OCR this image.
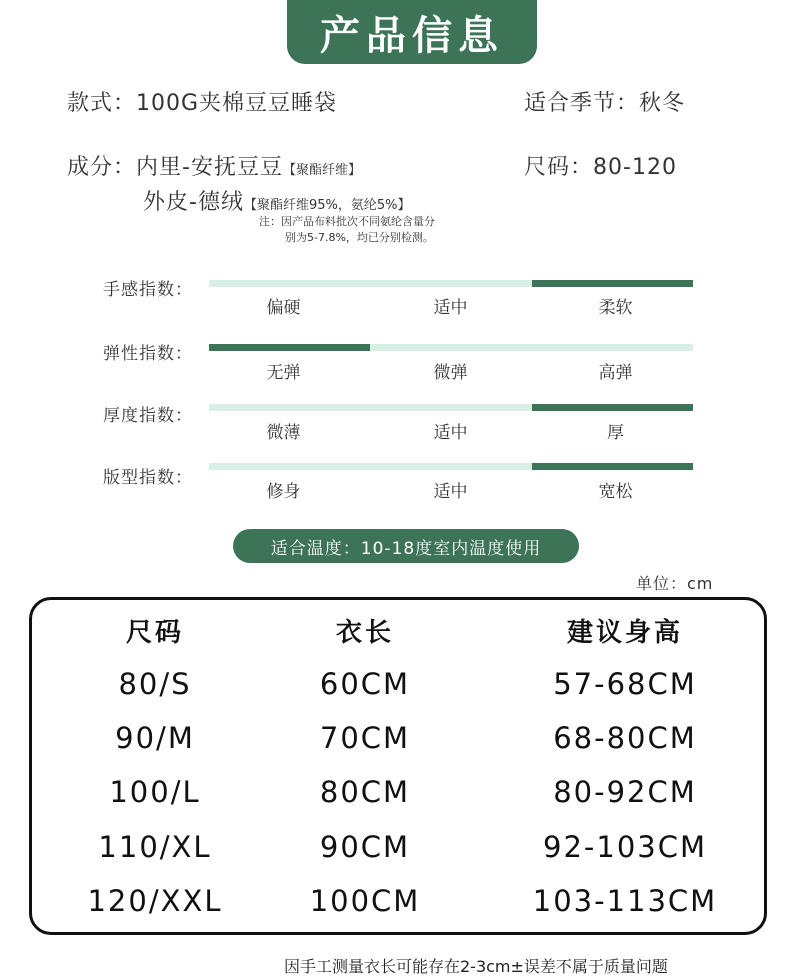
产品信息
款式：100G夹棉豆豆睡袋	适合季节：秋冬
成分：内里-安抚豆豆【聚酯纤维】	尺码：80-120
外皮-德绒【聚酯纤维95%，氨纶5%】
注：因产品布料批次不同氨纶含量分
别为5-7.8%，均已分别检测。
手感指数：
偏硬	适中	柔软
弹性指数：
无弹	微弹	高弹
厚度指数：
微薄	适中	厚
版型指数：
修身	适中	宽松
适合温度：10-18度室内温度使用
单位：cm
尺码	衣长	建议身高
80/S	60CM	57-68CM
90/M	70CM	68-80CM
100/L	80CM	80-92CM
110/XL	90CM	92-103CM
120/XXL	100CM	103-113CM
因手工测量衣长可能存在2-3cm±误差不属于质量问题
